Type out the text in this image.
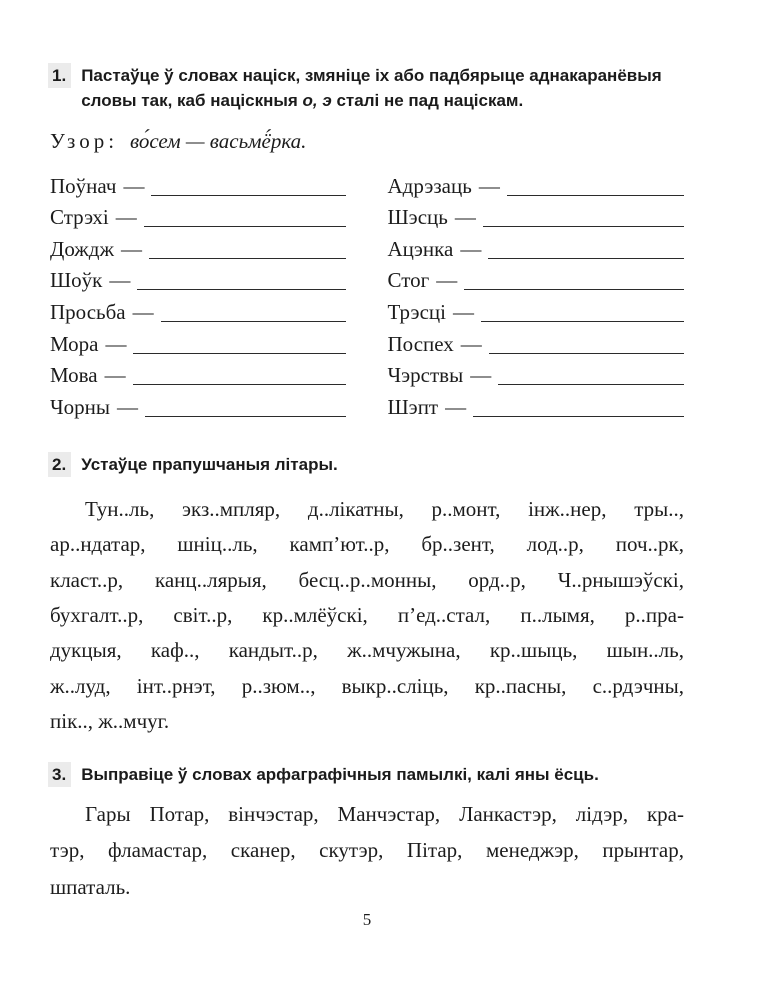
1. Пастаўце ў словах націск, змяніце іх або падбярыце аднакаранёвыя
словы так, каб націскныя о, э сталі не пад націскам.
Узор: во́сем — васьмё́рка.
Поўнач —
Стрэхі —
Дождж —
Шоўк —
Просьба —
Мора —
Мова —
Чорны —
Адрэзаць —
Шэсць —
Ацэнка —
Стог —
Трэсці —
Поспех —
Чэрствы —
Шэпт —
2. Устаўце прапушчаныя літары.
Тун..ль, экз..мпляр, д..лікатны, р..монт, інж..нер, тры..,
ар..ндатар, шніц..ль, камп’ют..р, бр..зент, лод..р, поч..рк,
класт..р, канц..лярыя, бесц..р..монны, орд..р, Ч..рнышэўскі,
бухгалт..р, світ..р, кр..млёўскі, п’ед..стал, п..лымя, р..пра-
дукцыя, каф.., кандыт..р, ж..мчужына, кр..шыць, шын..ль,
ж..луд, інт..рнэт, р..зюм.., выкр..сліць, кр..пасны, с..рдэчны,
пік.., ж..мчуг.
3. Выправіце ў словах арфаграфічныя памылкі, калі яны ёсць.
Гары Потар, вінчэстар, Манчэстар, Ланкастэр, лідэр, кра-
тэр, фламастар, сканер, скутэр, Пітар, менеджэр, прынтар,
шпаталь.
5
